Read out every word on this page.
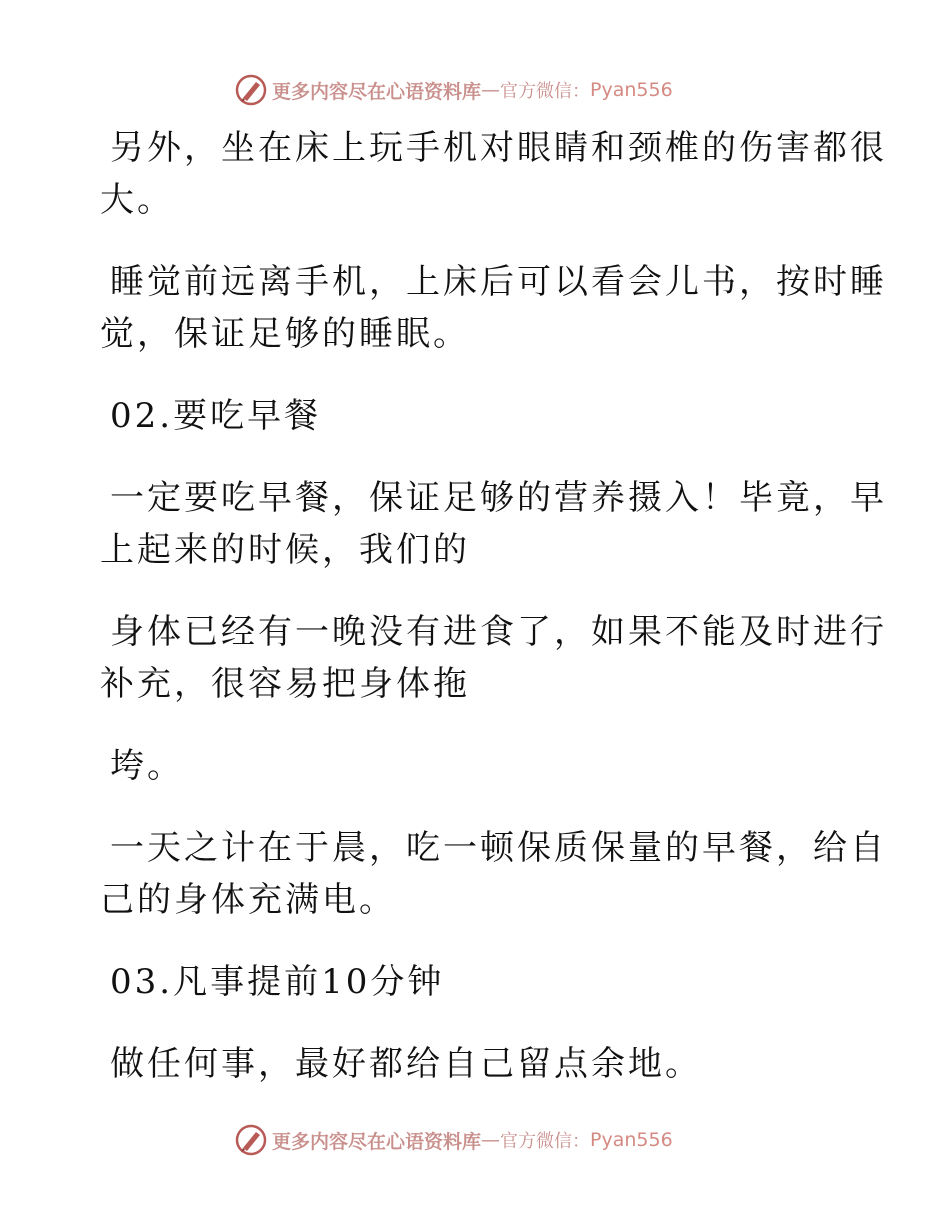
更多内容尽在心语资料库 — 官方微信： Pyan556
另外，坐在床上玩手机对眼睛和颈椎的伤害都很
大。
睡觉前远离手机，上床后可以看会儿书，按时睡
觉，保证足够的睡眠。
02.要吃早餐
一定要吃早餐，保证足够的营养摄入！毕竟，早
上起来的时候，我们的
身体已经有一晚没有进食了，如果不能及时进行
补充，很容易把身体拖
垮。
一天之计在于晨，吃一顿保质保量的早餐，给自
己的身体充满电。
03.凡事提前10分钟
做任何事，最好都给自己留点余地。
更多内容尽在心语资料库 — 官方微信： Pyan556
